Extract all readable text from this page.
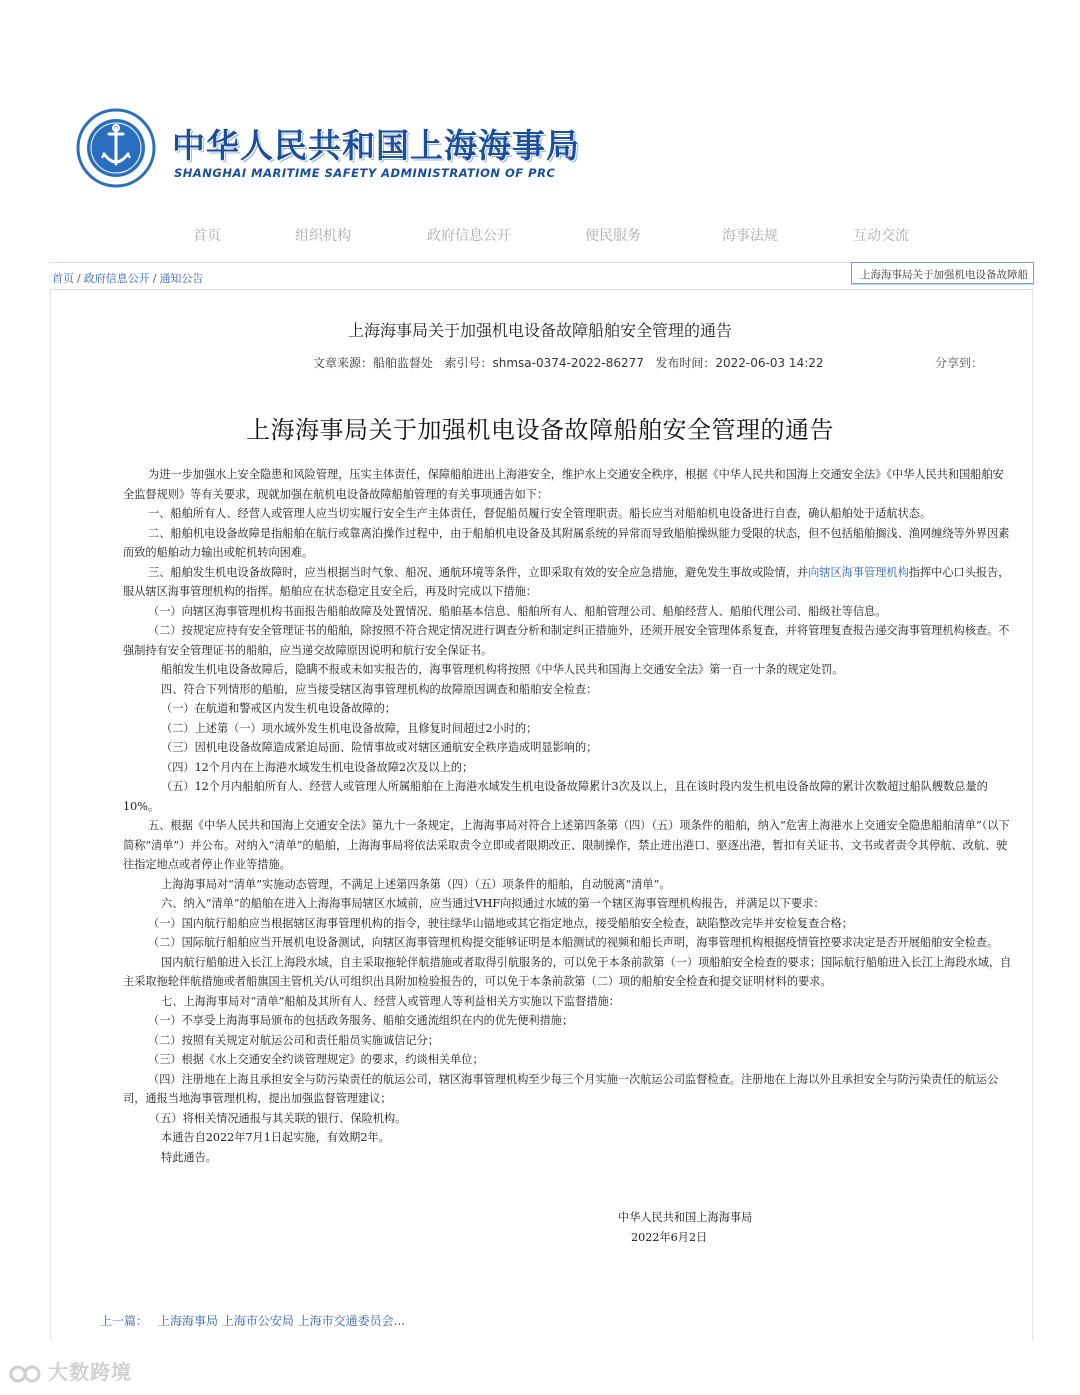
中华人民共和国上海海事局
SHANGHAI MARITIME SAFETY ADMINISTRATION OF PRC
首页	组织机构	政府信息公开	便民服务	海事法规	互动交流
首页 / 政府信息公开 / 通知公告	上海海事局关于加强机电设备故障船
上海海事局关于加强机电设备故障船舶安全管理的通告
文章来源：船舶监督处 索引号：shmsa-0374-2022-86277 发布时间：2022-06-03 14:22	分享到：
上海海事局关于加强机电设备故障船舶安全管理的通告
为进一步加强水上安全隐患和风险管理，压实主体责任，保障船舶进出上海港安全，维护水上交通安全秩序，根据《中华人民共和国海上交通安全法》《中华人民共和国船舶安全监督规则》等有关要求，现就加强在航机电设备故障船舶管理的有关事项通告如下：
一、船舶所有人、经营人或管理人应当切实履行安全生产主体责任，督促船员履行安全管理职责。船长应当对船舶机电设备进行自查，确认船舶处于适航状态。
二、船舶机电设备故障是指船舶在航行或靠离泊操作过程中，由于船舶机电设备及其附属系统的异常而导致船舶操纵能力受限的状态，但不包括船舶搁浅、渔网缠绕等外界因素而致的船舶动力输出或舵机转向困难。
三、船舶发生机电设备故障时，应当根据当时气象、船况、通航环境等条件，立即采取有效的安全应急措施，避免发生事故或险情，并向辖区海事管理机构指挥中心口头报告，服从辖区海事管理机构的指挥。船舶应在状态稳定且安全后，再及时完成以下措施：
（一）向辖区海事管理机构书面报告船舶故障及处置情况、船舶基本信息、船舶所有人、船舶管理公司、船舶经营人、船舶代理公司、船级社等信息。
（二）按规定应持有安全管理证书的船舶，除按照不符合规定情况进行调查分析和制定纠正措施外，还须开展安全管理体系复查，并将管理复查报告递交海事管理机构核查。不强制持有安全管理证书的船舶，应当递交故障原因说明和航行安全保证书。
船舶发生机电设备故障后，隐瞒不报或未如实报告的，海事管理机构将按照《中华人民共和国海上交通安全法》第一百一十条的规定处罚。
四、符合下列情形的船舶，应当接受辖区海事管理机构的故障原因调查和船舶安全检查：
（一）在航道和警戒区内发生机电设备故障的；
（二）上述第（一）项水域外发生机电设备故障，且修复时间超过2小时的；
（三）因机电设备故障造成紧迫局面、险情事故或对辖区通航安全秩序造成明显影响的；
（四）12个月内在上海港水域发生机电设备故障2次及以上的；
（五）12个月内船舶所有人、经营人或管理人所属船舶在上海港水域发生机电设备故障累计3次及以上，且在该时段内发生机电设备故障的累计次数超过船队艘数总量的10%。
五、根据《中华人民共和国海上交通安全法》第九十一条规定，上海海事局对符合上述第四条第（四）（五）项条件的船舶，纳入“危害上海港水上交通安全隐患船舶清单”（以下简称“清单”）并公布。对纳入“清单”的船舶，上海海事局将依法采取责令立即或者限期改正、限制操作，禁止进出港口、驱逐出港，暂扣有关证书、文书或者责令其停航、改航、驶往指定地点或者停止作业等措施。
上海海事局对“清单”实施动态管理，不满足上述第四条第（四）（五）项条件的船舶，自动脱离“清单”。
六、纳入“清单”的船舶在进入上海海事局辖区水域前，应当通过VHF向拟通过水域的第一个辖区海事管理机构报告，并满足以下要求：
（一）国内航行船舶应当根据辖区海事管理机构的指令，驶往绿华山锚地或其它指定地点，接受船舶安全检查，缺陷整改完毕并安检复查合格；
（二）国际航行船舶应当开展机电设备测试，向辖区海事管理机构提交能够证明是本船测试的视频和船长声明，海事管理机构根据疫情管控要求决定是否开展船舶安全检查。
国内航行船舶进入长江上海段水域，自主采取拖轮伴航措施或者取得引航服务的，可以免于本条前款第（一）项船舶安全检查的要求；国际航行船舶进入长江上海段水域，自主采取拖轮伴航措施或者船旗国主管机关/认可组织出具附加检验报告的，可以免于本条前款第（二）项的船舶安全检查和提交证明材料的要求。
七、上海海事局对“清单”船舶及其所有人、经营人或管理人等利益相关方实施以下监督措施：
（一）不享受上海海事局颁布的包括政务服务、船舶交通流组织在内的优先便利措施；
（二）按照有关规定对航运公司和责任船员实施诚信记分；
（三）根据《水上交通安全约谈管理规定》的要求，约谈相关单位；
（四）注册地在上海且承担安全与防污染责任的航运公司，辖区海事管理机构至少每三个月实施一次航运公司监督检查。注册地在上海以外且承担安全与防污染责任的航运公司，通报当地海事管理机构，提出加强监督管理建议；
（五）将相关情况通报与其关联的银行、保险机构。
本通告自2022年7月1日起实施，有效期2年。
特此通告。
中华人民共和国上海海事局
2022年6月2日
上一篇： 上海海事局 上海市公安局 上海市交通委员会...
大数跨境
